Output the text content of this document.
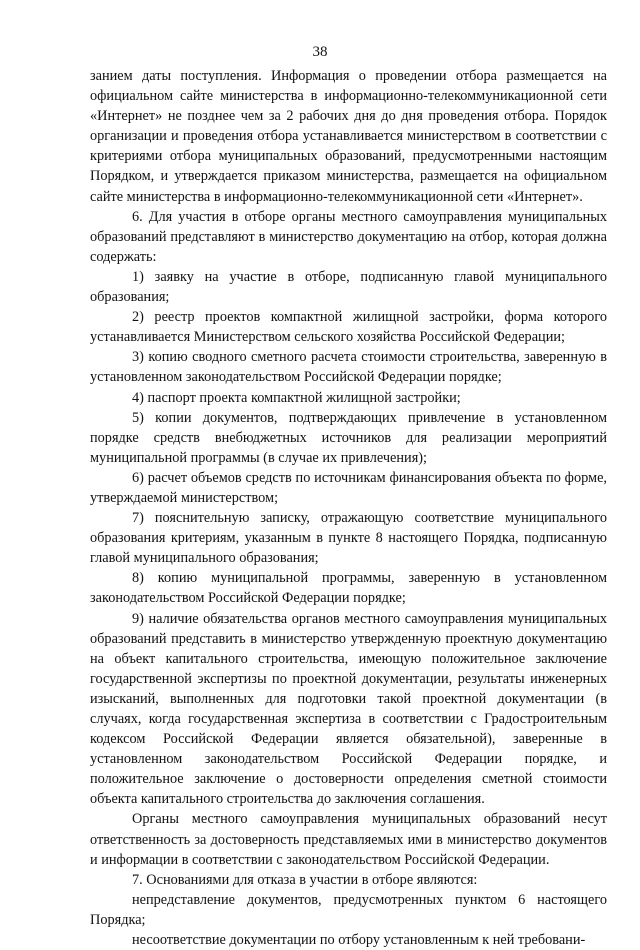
38

занием даты поступления. Информация о проведении отбора размещается на официальном сайте министерства в информационно-телекоммуникационной сети «Интернет» не позднее чем за 2 рабочих дня до дня проведения отбора. Порядок организации и проведения отбора устанавливается министерством в соответствии с критериями отбора муниципальных образований, предусмотренными настоящим Порядком, и утверждается приказом министерства, размещается на официальном сайте министерства в информационно-телекоммуникационной сети «Интернет».

6. Для участия в отборе органы местного самоуправления муниципальных образований представляют в министерство документацию на отбор, которая должна содержать:

1) заявку на участие в отборе, подписанную главой муниципального образования;

2) реестр проектов компактной жилищной застройки, форма которого устанавливается Министерством сельского хозяйства Российской Федерации;

3) копию сводного сметного расчета стоимости строительства, заверенную в установленном законодательством Российской Федерации порядке;

4) паспорт проекта компактной жилищной застройки;

5) копии документов, подтверждающих привлечение в установленном порядке средств внебюджетных источников для реализации мероприятий муниципальной программы (в случае их привлечения);

6) расчет объемов средств по источникам финансирования объекта по форме, утверждаемой министерством;

7) пояснительную записку, отражающую соответствие муниципального образования критериям, указанным в пункте 8 настоящего Порядка, подписанную главой муниципального образования;

8) копию муниципальной программы, заверенную в установленном законодательством Российской Федерации порядке;

9) наличие обязательства органов местного самоуправления муниципальных образований представить в министерство утвержденную проектную документацию на объект капитального строительства, имеющую положительное заключение государственной экспертизы по проектной документации, результаты инженерных изысканий, выполненных для подготовки такой проектной документации (в случаях, когда государственная экспертиза в соответствии с Градостроительным кодексом Российской Федерации является обязательной), заверенные в установленном законодательством Российской Федерации порядке, и положительное заключение о достоверности определения сметной стоимости объекта капитального строительства до заключения соглашения.

Органы местного самоуправления муниципальных образований несут ответственность за достоверность представляемых ими в министерство документов и информации в соответствии с законодательством Российской Федерации.

7. Основаниями для отказа в участии в отборе являются:

непредставление документов, предусмотренных пунктом 6 настоящего Порядка;

несоответствие документации по отбору установленным к ней требовани-
